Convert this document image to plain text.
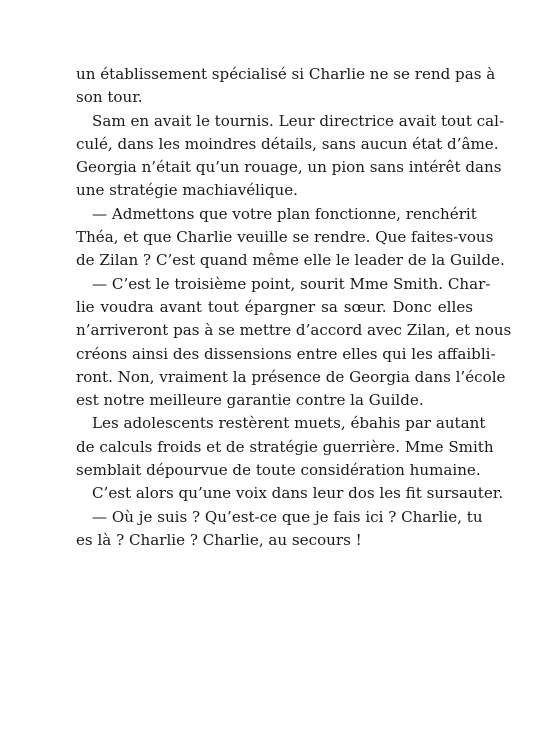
un établissement spécialisé si Charlie ne se rend pas à
son tour.
Sam en avait le tournis. Leur directrice avait tout cal-
culé, dans les moindres détails, sans aucun état d’âme.
Georgia n’était qu’un rouage, un pion sans intérêt dans
une stratégie machiavélique.
— Admettons que votre plan fonctionne, renchérit
Théa, et que Charlie veuille se rendre. Que faites-vous
de Zilan ? C’est quand même elle le leader de la Guilde.
— C’est le troisième point, sourit Mme Smith. Char-
lie voudra avant tout épargner sa sœur. Donc elles
n’arriveront pas à se mettre d’accord avec Zilan, et nous
créons ainsi des dissensions entre elles qui les affaibli-
ront. Non, vraiment la présence de Georgia dans l’école
est notre meilleure garantie contre la Guilde.
Les adolescents restèrent muets, ébahis par autant
de calculs froids et de stratégie guerrière. Mme Smith
semblait dépourvue de toute considération humaine.
C’est alors qu’une voix dans leur dos les fit sursauter.
— Où je suis ? Qu’est-ce que je fais ici ? Charlie, tu
es là ? Charlie ? Charlie, au secours !
